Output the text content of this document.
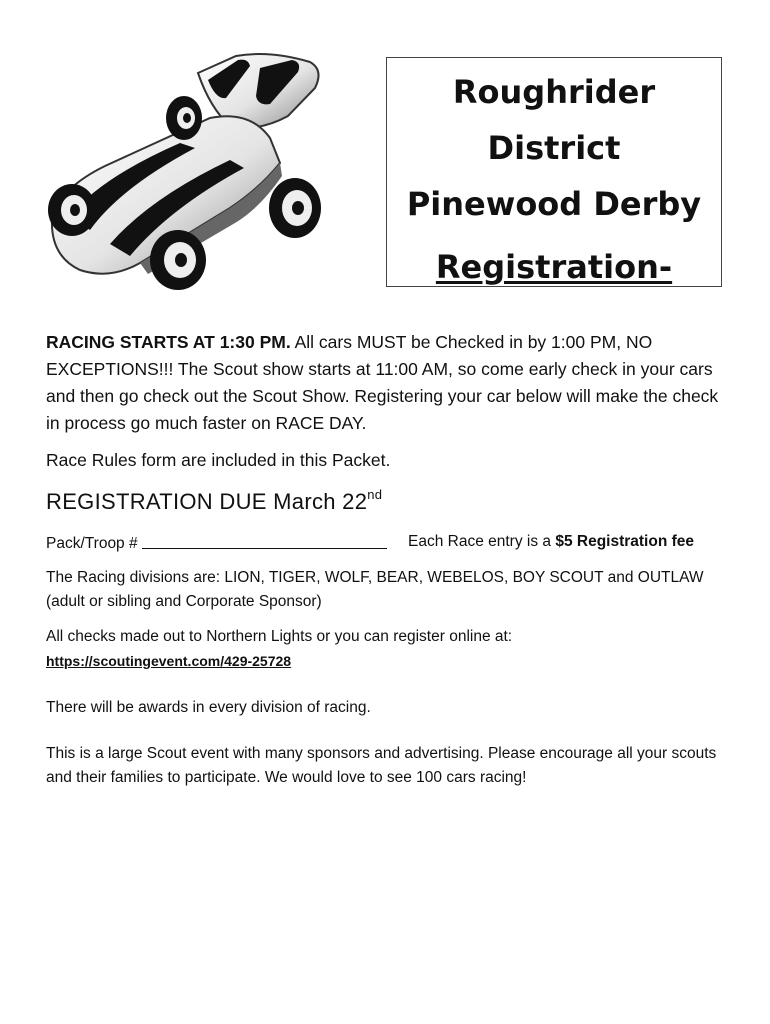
Roughrider
District
Pinewood Derby
Registration-
RACING STARTS AT 1:30 PM. All cars MUST be Checked in by 1:00 PM, NO EXCEPTIONS!!! The Scout show starts at 11:00 AM, so come early check in your cars and then go check out the Scout Show. Registering your car below will make the check in process go much faster on RACE DAY.
Race Rules form are included in this Packet.
REGISTRATION DUE March 22nd
Pack/Troop #	Each Race entry is a $5 Registration fee
The Racing divisions are: LION, TIGER, WOLF, BEAR, WEBELOS, BOY SCOUT and OUTLAW (adult or sibling and Corporate Sponsor)
All checks made out to Northern Lights or you can register online at:
https://scoutingevent.com/429-25728
There will be awards in every division of racing.
This is a large Scout event with many sponsors and advertising. Please encourage all your scouts and their families to participate. We would love to see 100 cars racing!
